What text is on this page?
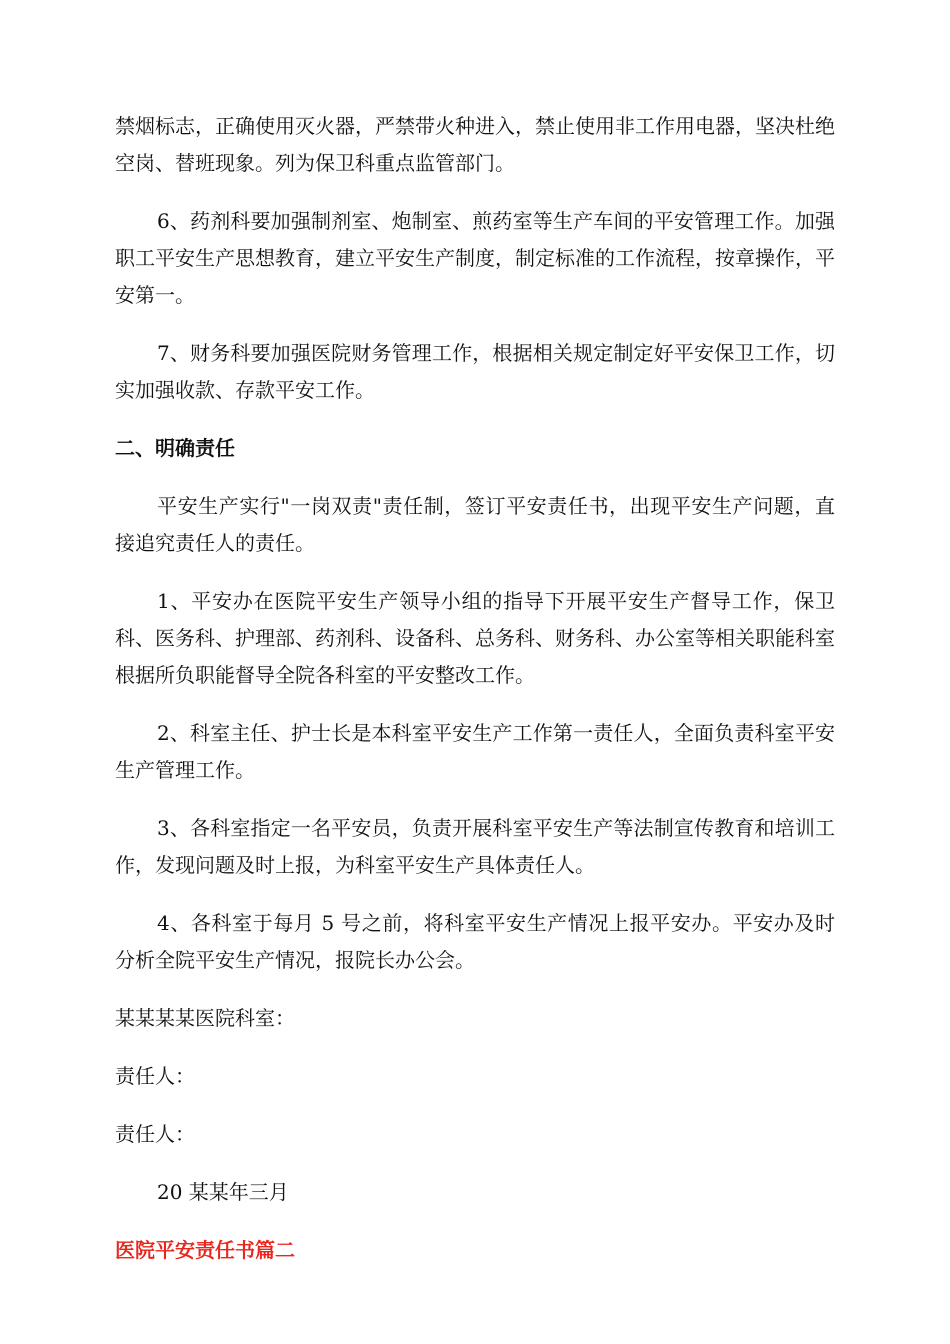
禁烟标志，正确使用灭火器，严禁带火种进入，禁止使用非工作用电器，坚决杜绝空岗、替班现象。列为保卫科重点监管部门。

6、药剂科要加强制剂室、炮制室、煎药室等生产车间的平安管理工作。加强职工平安生产思想教育，建立平安生产制度，制定标准的工作流程，按章操作，平安第一。

7、财务科要加强医院财务管理工作，根据相关规定制定好平安保卫工作，切实加强收款、存款平安工作。

二、明确责任

平安生产实行"一岗双责"责任制，签订平安责任书，出现平安生产问题，直接追究责任人的责任。

1、平安办在医院平安生产领导小组的指导下开展平安生产督导工作，保卫科、医务科、护理部、药剂科、设备科、总务科、财务科、办公室等相关职能科室根据所负职能督导全院各科室的平安整改工作。

2、科室主任、护士长是本科室平安生产工作第一责任人，全面负责科室平安生产管理工作。

3、各科室指定一名平安员，负责开展科室平安生产等法制宣传教育和培训工作，发现问题及时上报，为科室平安生产具体责任人。

4、各科室于每月 5 号之前，将科室平安生产情况上报平安办。平安办及时分析全院平安生产情况，报院长办公会。

某某某某医院科室：

责任人：

责任人：

20 某某年三月

医院平安责任书篇二
